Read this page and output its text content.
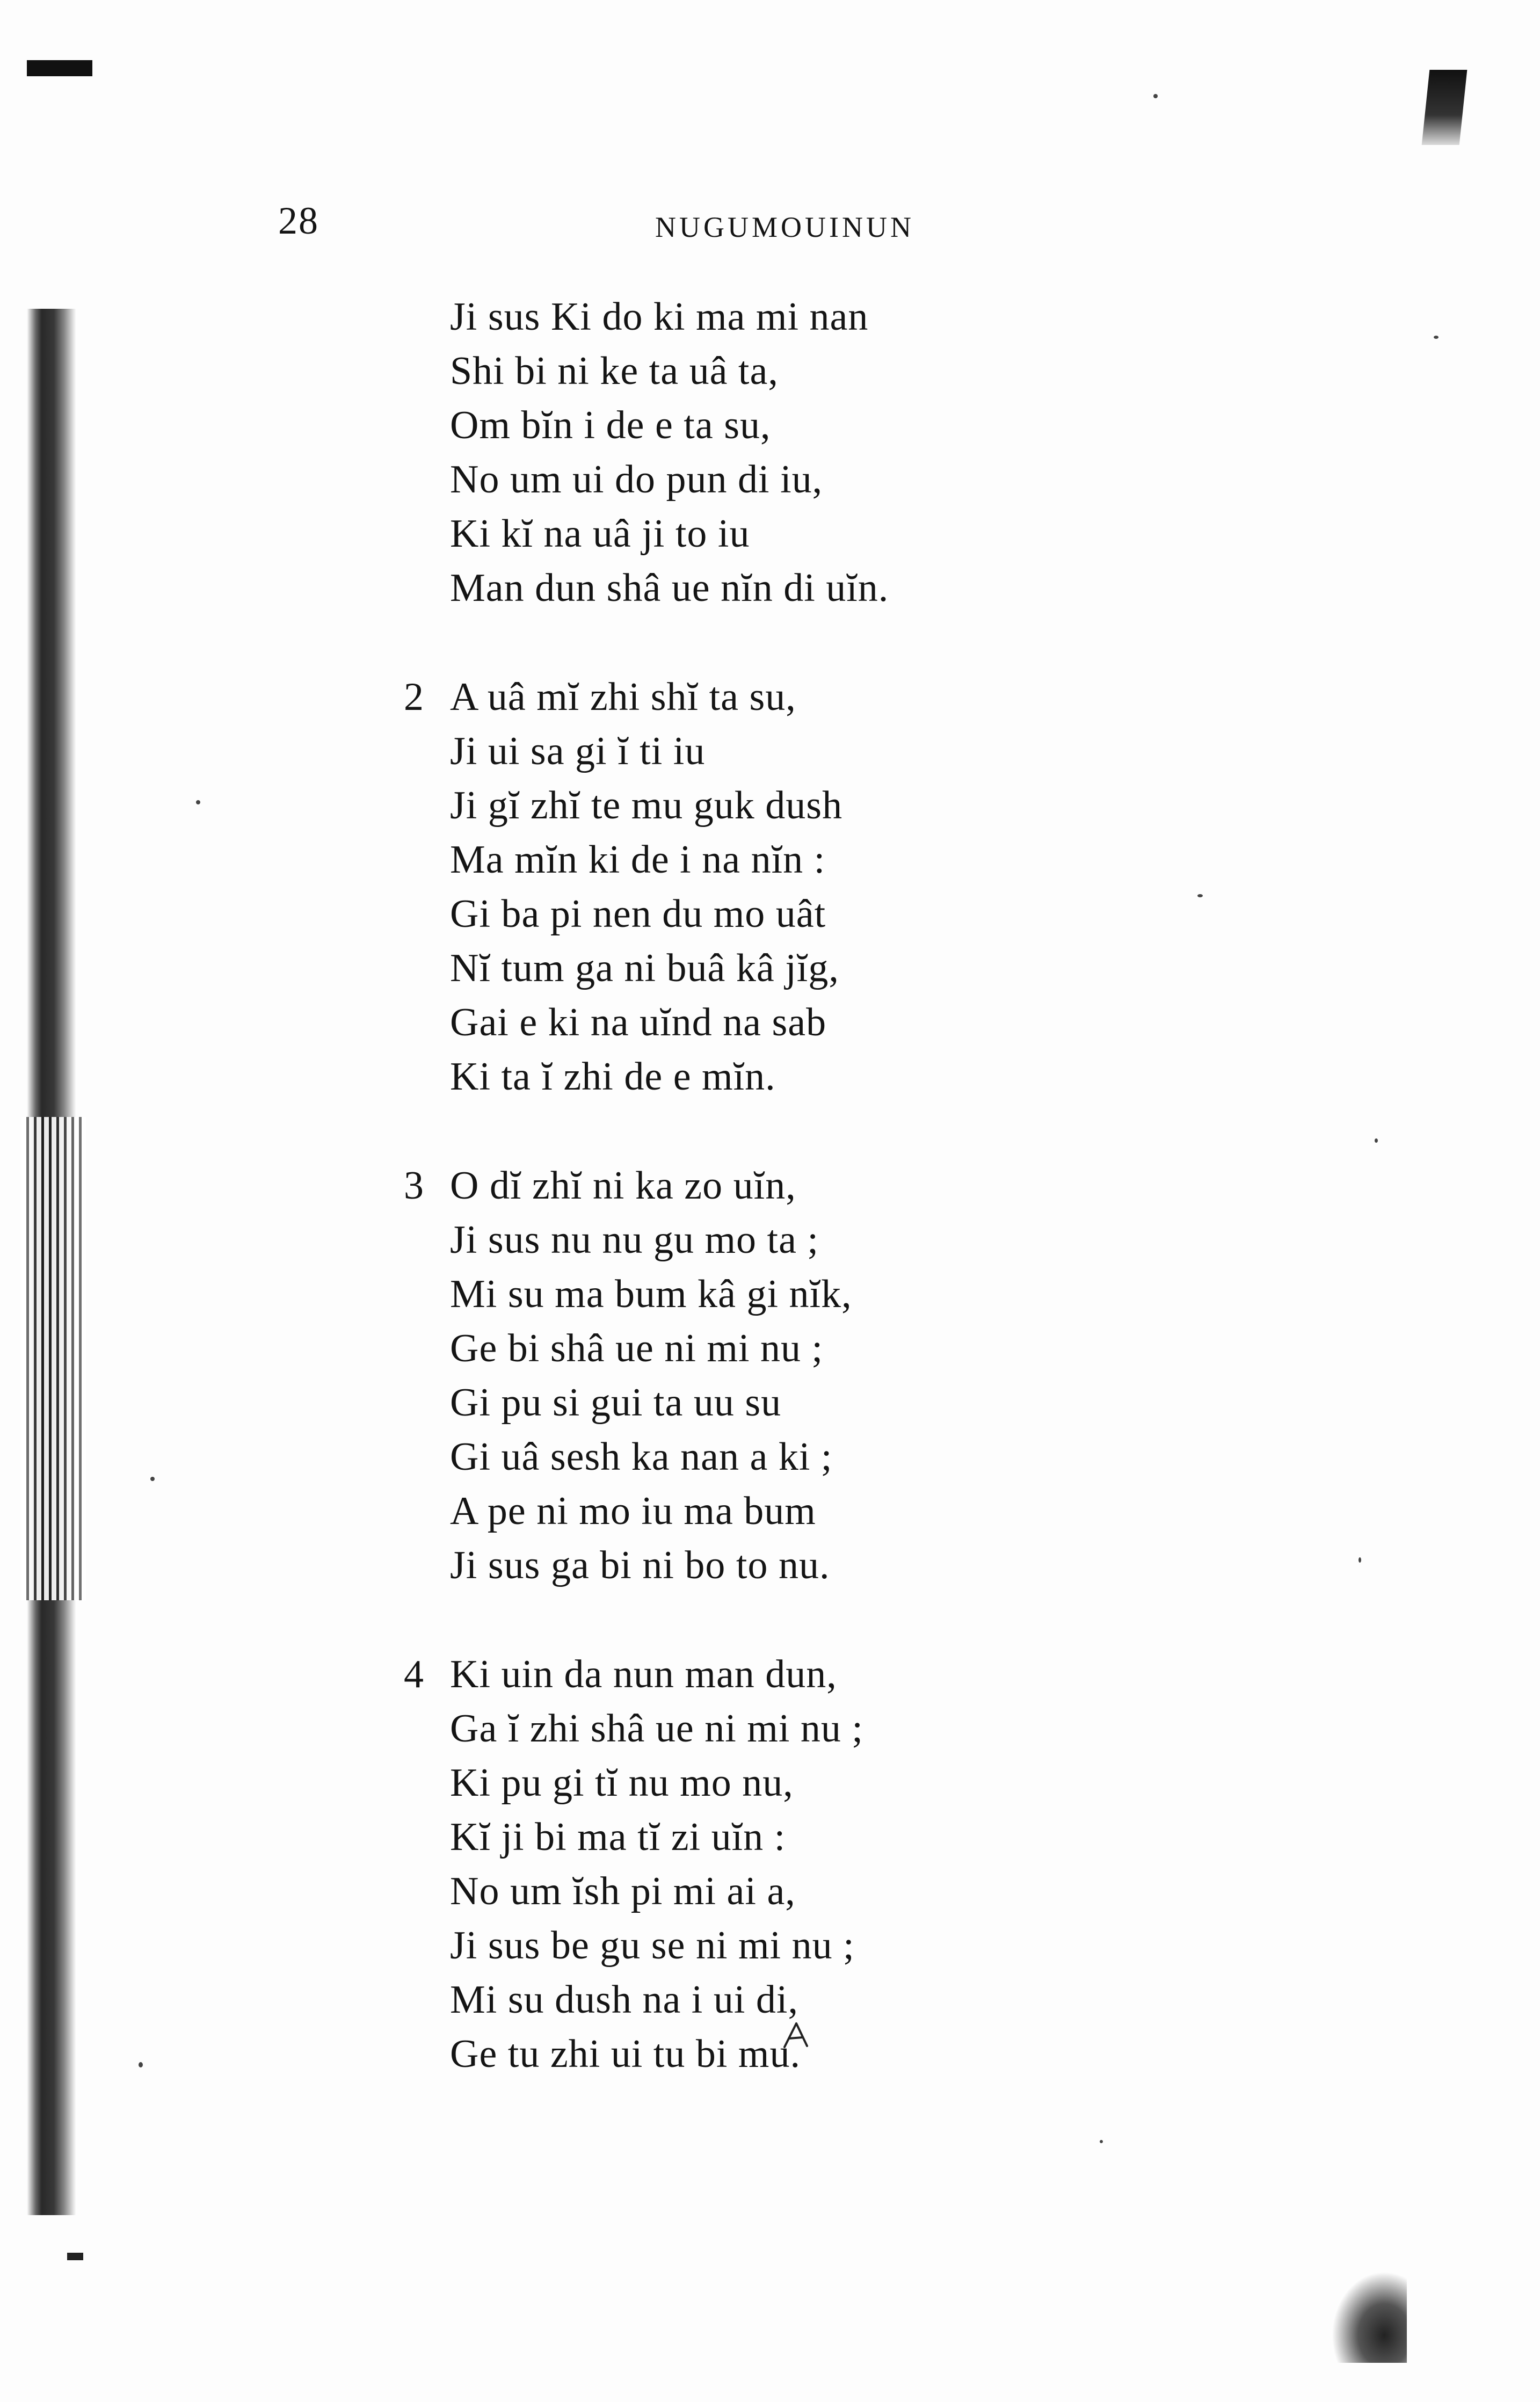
28	NUGUMOUINUN
Ji sus Ki do ki ma mi nan
Shi bi ni ke ta uâ ta,
Om bĭn i de e ta su,
No um ui do pun di iu,
Ki kĭ na uâ ji to iu
Man dun shâ ue nĭn di uĭn.
2 A uâ mĭ zhi shĭ ta su,
Ji ui sa gi ĭ ti iu
Ji gĭ zhĭ te mu guk dush
Ma mĭn ki de i na nĭn :
Gi ba pi nen du mo uât
Nĭ tum ga ni buâ kâ jĭg,
Gai e ki na uĭnd na sab
Ki ta ĭ zhi de e mĭn.
3 O dĭ zhĭ ni ka zo uĭn,
Ji sus nu nu gu mo ta ;
Mi su ma bum kâ gi nĭk,
Ge bi shâ ue ni mi nu ;
Gi pu si gui ta uu su
Gi uâ sesh ka nan a ki ;
A pe ni mo iu ma bum
Ji sus ga bi ni bo to nu.
4 Ki uin da nun man dun,
Ga ĭ zhi shâ ue ni mi nu ;
Ki pu gi tĭ nu mo nu,
Kĭ ji bi ma tĭ zi uĭn :
No um ĭsh pi mi ai a,
Ji sus be gu se ni mi nu ;
Mi su dush na i ui di,
Ge tu zhi ui tu bi mu.
